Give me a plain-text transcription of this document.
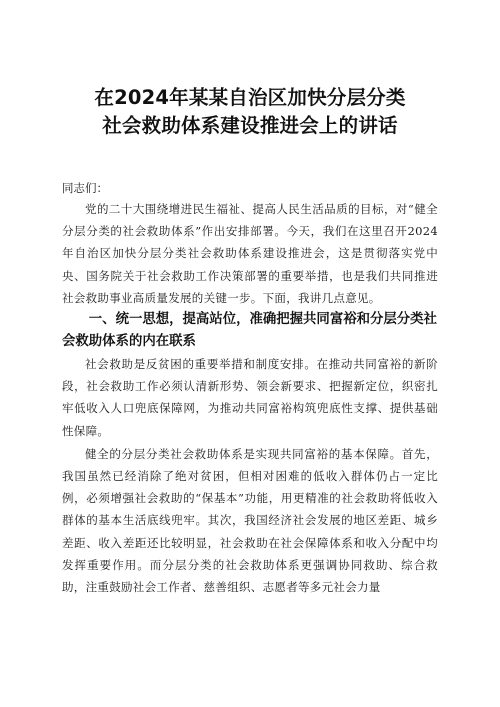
在2024年某某自治区加快分层分类
社会救助体系建设推进会上的讲话
同志们：

党的二十大围绕增进民生福祉、提高人民生活品质的目标，对“健全分层分类的社会救助体系”作出安排部署。今天，我们在这里召开2024年自治区加快分层分类社会救助体系建设推进会，这是贯彻落实党中央、国务院关于社会救助工作决策部署的重要举措，也是我们共同推进社会救助事业高质量发展的关键一步。下面，我讲几点意见。

一、统一思想，提高站位，准确把握共同富裕和分层分类社会救助体系的内在联系

社会救助是反贫困的重要举措和制度安排。在推动共同富裕的新阶段，社会救助工作必须认清新形势、领会新要求、把握新定位，织密扎牢低收入人口兜底保障网，为推动共同富裕构筑兜底性支撑、提供基础性保障。

健全的分层分类社会救助体系是实现共同富裕的基本保障。首先，我国虽然已经消除了绝对贫困，但相对困难的低收入群体仍占一定比例，必须增强社会救助的“保基本”功能，用更精准的社会救助将低收入群体的基本生活底线兜牢。其次，我国经济社会发展的地区差距、城乡差距、收入差距还比较明显，社会救助在社会保障体系和收入分配中均发挥重要作用。而分层分类的社会救助体系更强调协同救助、综合救助，注重鼓励社会工作者、慈善组织、志愿者等多元社会力量
